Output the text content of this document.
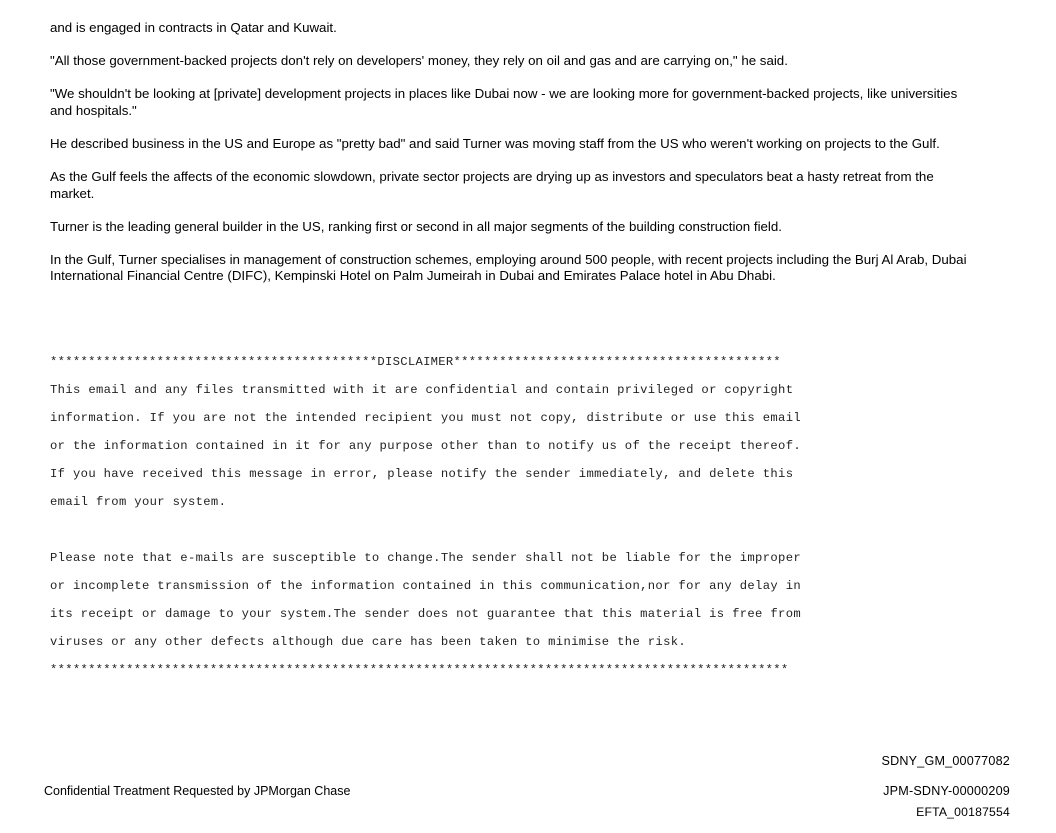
and is engaged in contracts in Qatar and Kuwait.

"All those government-backed projects don't rely on developers' money, they rely on oil and gas and are carrying on," he said.

"We shouldn't be looking at [private] development projects in places like Dubai now - we are looking more for government-backed projects, like universities and hospitals."

He described business in the US and Europe as "pretty bad" and said Turner was moving staff from the US who weren't working on projects to the Gulf.

As the Gulf feels the affects of the economic slowdown, private sector projects are drying up as investors and speculators beat a hasty retreat from the market.

Turner is the leading general builder in the US, ranking first or second in all major segments of the building construction field.

In the Gulf, Turner specialises in management of construction schemes, employing around 500 people, with recent projects including the Burj Al Arab, Dubai International Financial Centre (DIFC), Kempinski Hotel on Palm Jumeirah in Dubai and Emirates Palace hotel in Abu Dhabi.

*******************************************DISCLAIMER*******************************************
This email and any files transmitted with it are confidential and contain privileged or copyright
information. If you are not the intended recipient you must not copy, distribute or use this email
or the information contained in it for any purpose other than to notify us of the receipt thereof.
If you have received this message in error, please notify the sender immediately, and delete this
email from your system.
Please note that e-mails are susceptible to change.The sender shall not be liable for the improper
or incomplete transmission of the information contained in this communication,nor for any delay in
its receipt or damage to your system.The sender does not guarantee that this material is free from
viruses or any other defects although due care has been taken to minimise the risk.
*************************************************************************************************
Confidential Treatment Requested by JPMorgan Chase
SDNY_GM_00077082
JPM-SDNY-00000209
EFTA_00187554
